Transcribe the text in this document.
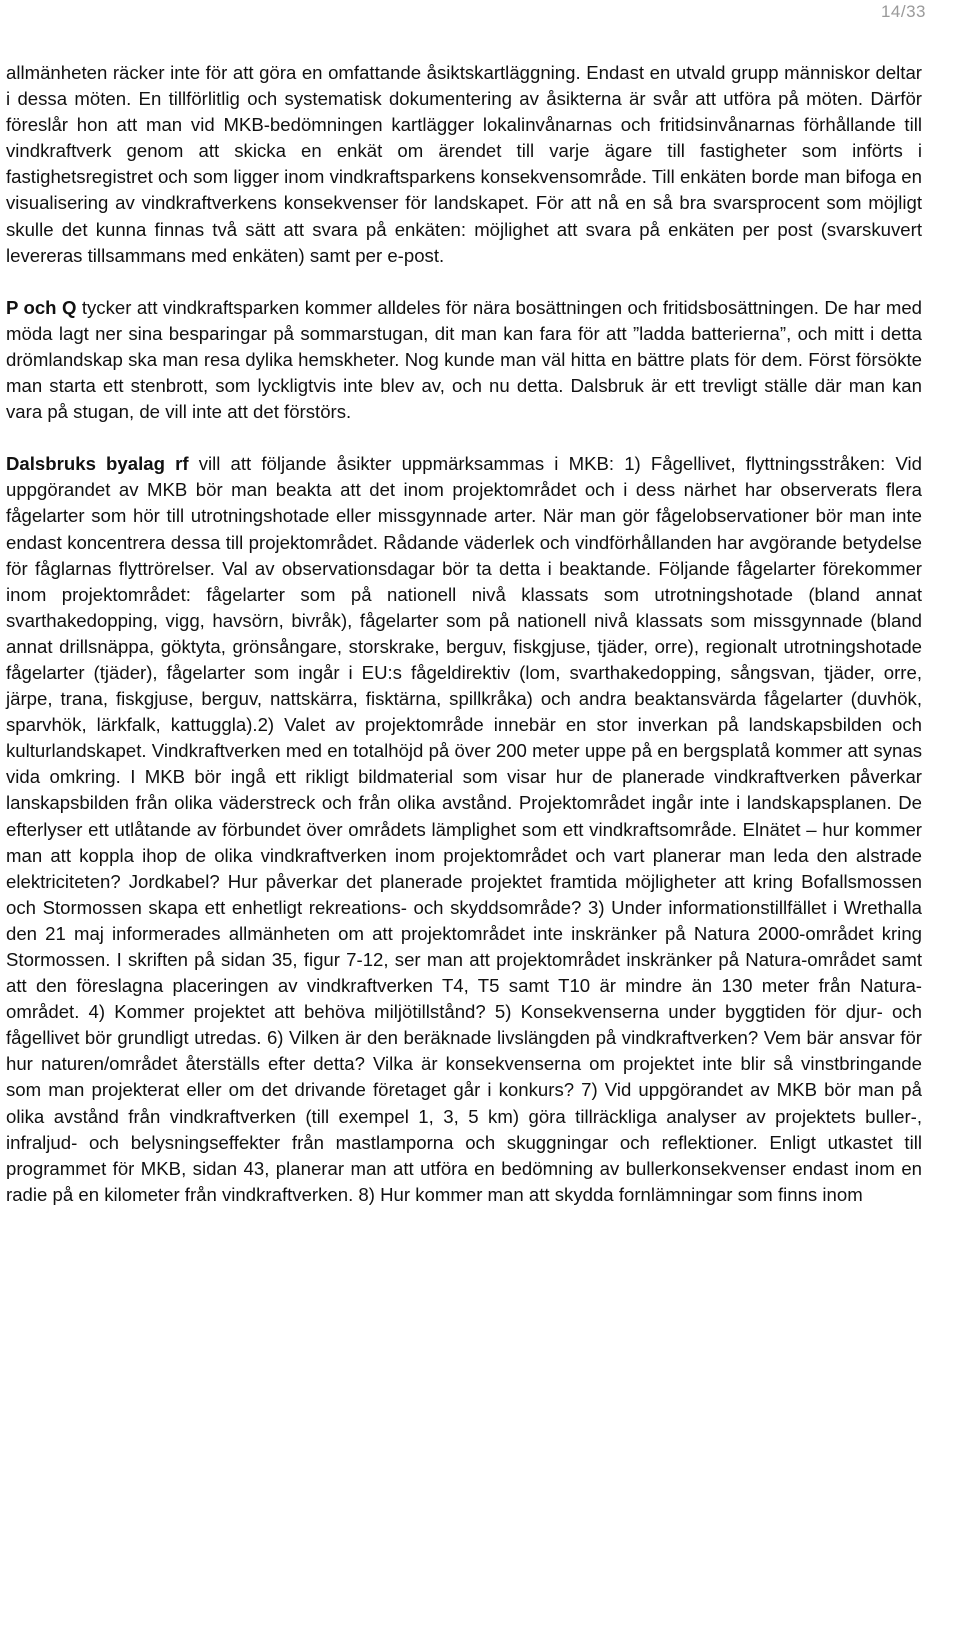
14/33

allmänheten räcker inte för att göra en omfattande åsiktskartläggning. Endast en utvald grupp människor deltar i dessa möten. En tillförlitlig och systematisk dokumentering av åsikterna är svår att utföra på möten. Därför föreslår hon att man vid MKB-bedömningen kartlägger lokalinvånarnas och fritidsinvånarnas förhållande till vindkraftverk genom att skicka en enkät om ärendet till varje ägare till fastigheter som införts i fastighetsregistret och som ligger inom vindkraftsparkens konsekvensområde. Till enkäten borde man bifoga en visualisering av vindkraftverkens konsekvenser för landskapet. För att nå en så bra svarsprocent som möjligt skulle det kunna finnas två sätt att svara på enkäten: möjlighet att svara på enkäten per post (svarskuvert levereras tillsammans med enkäten) samt per e-post.

P och Q tycker att vindkraftsparken kommer alldeles för nära bosättningen och fritidsbosättningen. De har med möda lagt ner sina besparingar på sommarstugan, dit man kan fara för att ”ladda batterierna”, och mitt i detta drömlandskap ska man resa dylika hemskheter. Nog kunde man väl hitta en bättre plats för dem. Först försökte man starta ett stenbrott, som lyckligtvis inte blev av, och nu detta. Dalsbruk är ett trevligt ställe där man kan vara på stugan, de vill inte att det förstörs.

Dalsbruks byalag rf vill att följande åsikter uppmärksammas i MKB: 1) Fågellivet, flyttningsstråken: Vid uppgörandet av MKB bör man beakta att det inom projektområdet och i dess närhet har observerats flera fågelarter som hör till utrotningshotade eller missgynnade arter. När man gör fågelobservationer bör man inte endast koncentrera dessa till projektområdet. Rådande väderlek och vindförhållanden har avgörande betydelse för fåglarnas flyttrörelser. Val av observationsdagar bör ta detta i beaktande. Följande fågelarter förekommer inom projektområdet: fågelarter som på nationell nivå klassats som utrotningshotade (bland annat svarthakedopping, vigg, havsörn, bivråk), fågelarter som på nationell nivå klassats som missgynnade (bland annat drillsnäppa, göktyta, grönsångare, storskrake, berguv, fiskgjuse, tjäder, orre), regionalt utrotningshotade fågelarter (tjäder), fågelarter som ingår i EU:s fågeldirektiv (lom, svarthakedopping, sångsvan, tjäder, orre, järpe, trana, fiskgjuse, berguv, nattskärra, fisktärna, spillkråka) och andra beaktansvärda fågelarter (duvhök, sparvhök, lärkfalk, kattuggla).2) Valet av projektområde innebär en stor inverkan på landskapsbilden och kulturlandskapet. Vindkraftverken med en totalhöjd på över 200 meter uppe på en bergsplatå kommer att synas vida omkring. I MKB bör ingå ett rikligt bildmaterial som visar hur de planerade vindkraftverken påverkar lanskapsbilden från olika väderstreck och från olika avstånd. Projektområdet ingår inte i landskapsplanen. De efterlyser ett utlåtande av förbundet över områdets lämplighet som ett vindkraftsområde. Elnätet – hur kommer man att koppla ihop de olika vindkraftverken inom projektområdet och vart planerar man leda den alstrade elektriciteten? Jordkabel? Hur påverkar det planerade projektet framtida möjligheter att kring Bofallsmossen och Stormossen skapa ett enhetligt rekreations- och skyddsområde? 3) Under informationstillfället i Wrethalla den 21 maj informerades allmänheten om att projektområdet inte inskränker på Natura 2000-området kring Stormossen. I skriften på sidan 35, figur 7-12, ser man att projektområdet inskränker på Natura-området samt att den föreslagna placeringen av vindkraftverken T4, T5 samt T10 är mindre än 130 meter från Natura-området. 4) Kommer projektet att behöva miljötillstånd? 5) Konsekvenserna under byggtiden för djur- och fågellivet bör grundligt utredas. 6) Vilken är den beräknade livslängden på vindkraftverken? Vem bär ansvar för hur naturen/området återställs efter detta? Vilka är konsekvenserna om projektet inte blir så vinstbringande som man projekterat eller om det drivande företaget går i konkurs? 7) Vid uppgörandet av MKB bör man på olika avstånd från vindkraftverken (till exempel 1, 3, 5 km) göra tillräckliga analyser av projektets buller-, infraljud- och belysningseffekter från mastlamporna och skuggningar och reflektioner. Enligt utkastet till programmet för MKB, sidan 43, planerar man att utföra en bedömning av bullerkonsekvenser endast inom en radie på en kilometer från vindkraftverken. 8) Hur kommer man att skydda fornlämningar som finns inom
